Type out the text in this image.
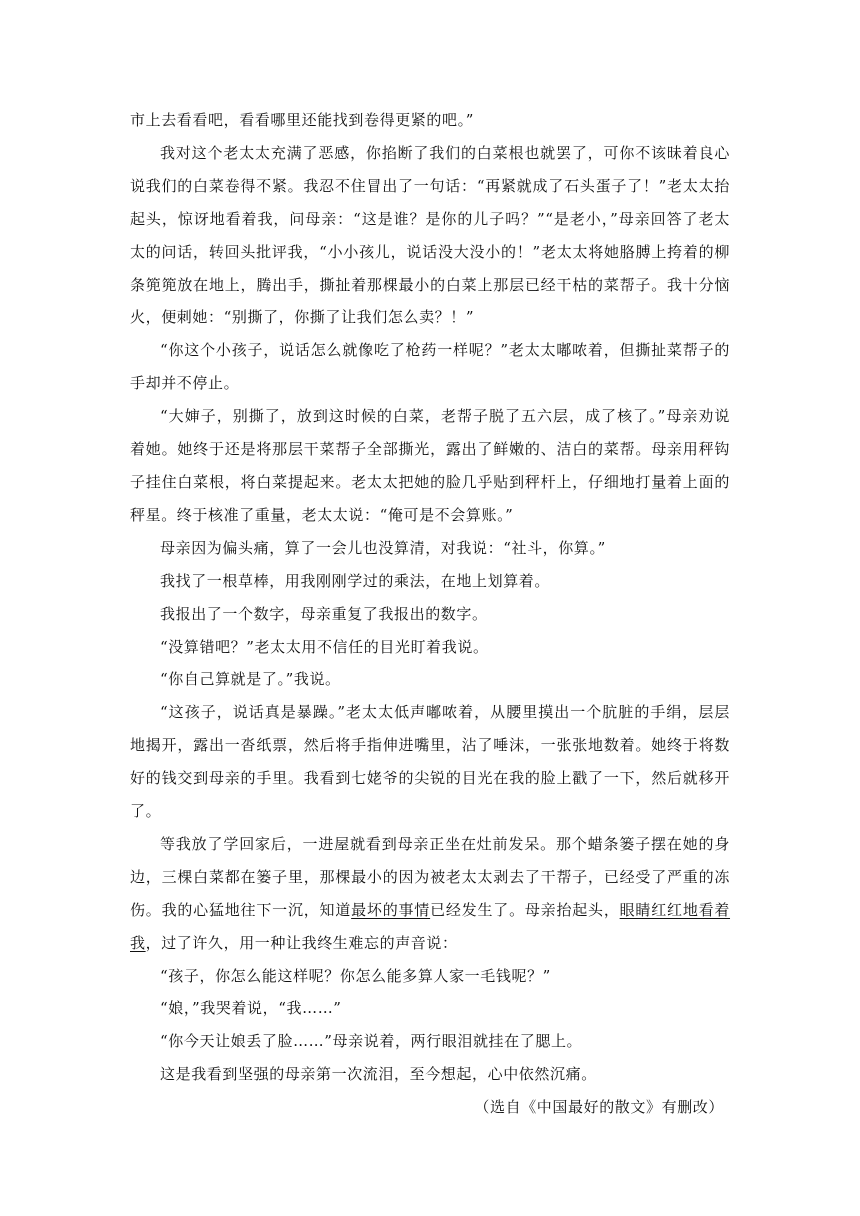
市上去看看吧，看看哪里还能找到卷得更紧的吧。”

我对这个老太太充满了恶感，你掐断了我们的白菜根也就罢了，可你不该昧着良心说我们的白菜卷得不紧。我忍不住冒出了一句话：“再紧就成了石头蛋子了！”老太太抬起头，惊讶地看着我，问母亲：“这是谁？是你的儿子吗？”“是老小，”母亲回答了老太太的问话，转回头批评我，“小小孩儿，说话没大没小的！”老太太将她胳膊上挎着的柳条篼篼放在地上，腾出手，撕扯着那棵最小的白菜上那层已经干枯的菜帮子。我十分恼火，便刺她：“别撕了，你撕了让我们怎么卖？！”

“你这个小孩子，说话怎么就像吃了枪药一样呢？”老太太嘟哝着，但撕扯菜帮子的手却并不停止。

“大婶子，别撕了，放到这时候的白菜，老帮子脱了五六层，成了核了。”母亲劝说着她。她终于还是将那层干菜帮子全部撕光，露出了鲜嫩的、洁白的菜帮。母亲用秤钩子挂住白菜根，将白菜提起来。老太太把她的脸几乎贴到秤杆上，仔细地打量着上面的秤星。终于核准了重量，老太太说：“俺可是不会算账。”

母亲因为偏头痛，算了一会儿也没算清，对我说：“社斗，你算。”

我找了一根草棒，用我刚刚学过的乘法，在地上划算着。

我报出了一个数字，母亲重复了我报出的数字。

“没算错吧？”老太太用不信任的目光盯着我说。

“你自己算就是了。”我说。

“这孩子，说话真是暴躁。”老太太低声嘟哝着，从腰里摸出一个肮脏的手绢，层层地揭开，露出一沓纸票，然后将手指伸进嘴里，沾了唾沫，一张张地数着。她终于将数好的钱交到母亲的手里。我看到七姥爷的尖锐的目光在我的脸上戳了一下，然后就移开了。

等我放了学回家后，一进屋就看到母亲正坐在灶前发呆。那个蜡条篓子摆在她的身边，三棵白菜都在篓子里，那棵最小的因为被老太太剥去了干帮子，已经受了严重的冻伤。我的心猛地往下一沉，知道最坏的事情已经发生了。母亲抬起头，眼睛红红地看着我，过了许久，用一种让我终生难忘的声音说：

“孩子，你怎么能这样呢？你怎么能多算人家一毛钱呢？”

“娘，”我哭着说，“我……”

“你今天让娘丢了脸……”母亲说着，两行眼泪就挂在了腮上。

这是我看到坚强的母亲第一次流泪，至今想起，心中依然沉痛。

（选自《中国最好的散文》有删改）
